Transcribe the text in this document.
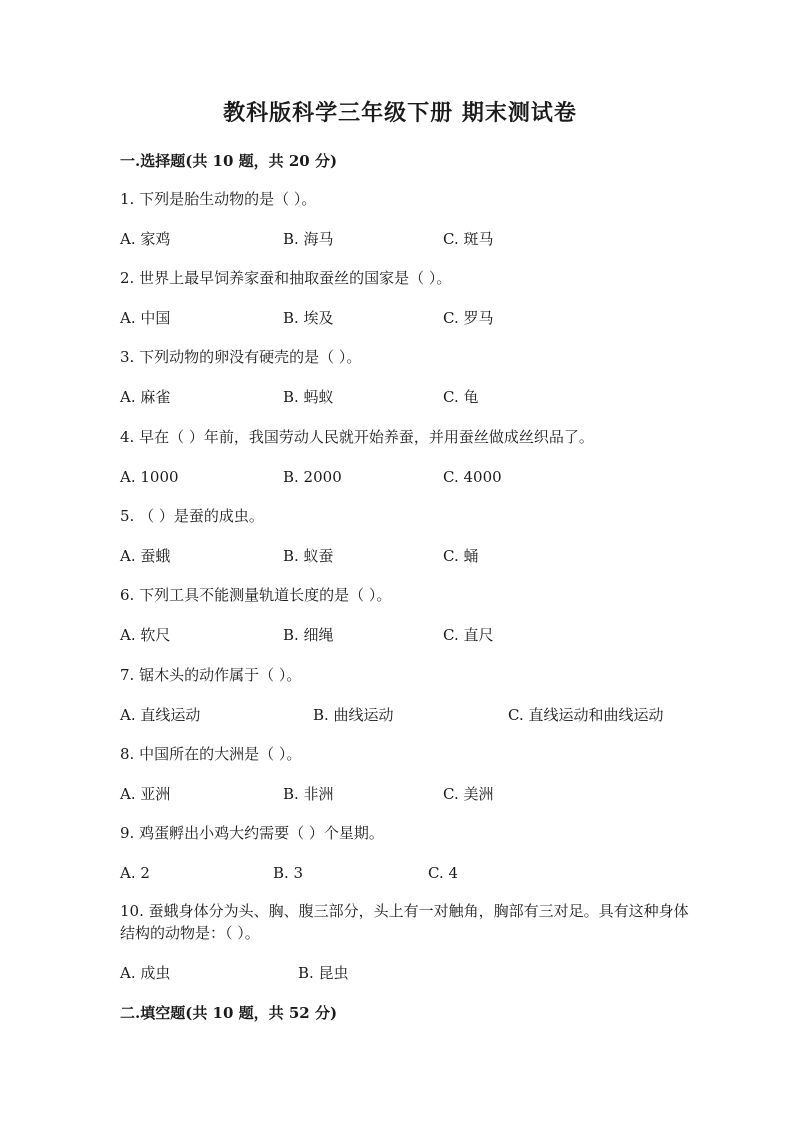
教科版科学三年级下册 期末测试卷
一.选择题(共 10 题，共 20 分)
1. 下列是胎生动物的是（ ）。
A. 家鸡	B. 海马	C. 斑马
2. 世界上最早饲养家蚕和抽取蚕丝的国家是（ ）。
A. 中国	B. 埃及	C. 罗马
3. 下列动物的卵没有硬壳的是（ ）。
A. 麻雀	B. 蚂蚁	C. 龟
4. 早在（ ）年前，我国劳动人民就开始养蚕，并用蚕丝做成丝织品了。
A. 1000	B. 2000	C. 4000
5. （ ）是蚕的成虫。
A. 蚕蛾	B. 蚁蚕	C. 蛹
6. 下列工具不能测量轨道长度的是（ ）。
A. 软尺	B. 细绳	C. 直尺
7. 锯木头的动作属于（ ）。
A. 直线运动	B. 曲线运动	C. 直线运动和曲线运动
8. 中国所在的大洲是（ ）。
A. 亚洲	B. 非洲	C. 美洲
9. 鸡蛋孵出小鸡大约需要（ ）个星期。
A. 2	B. 3	C. 4
10. 蚕蛾身体分为头、胸、腹三部分，头上有一对触角，胸部有三对足。具有这种身体结构的动物是：（ ）。
A. 成虫	B. 昆虫
二.填空题(共 10 题，共 52 分)
